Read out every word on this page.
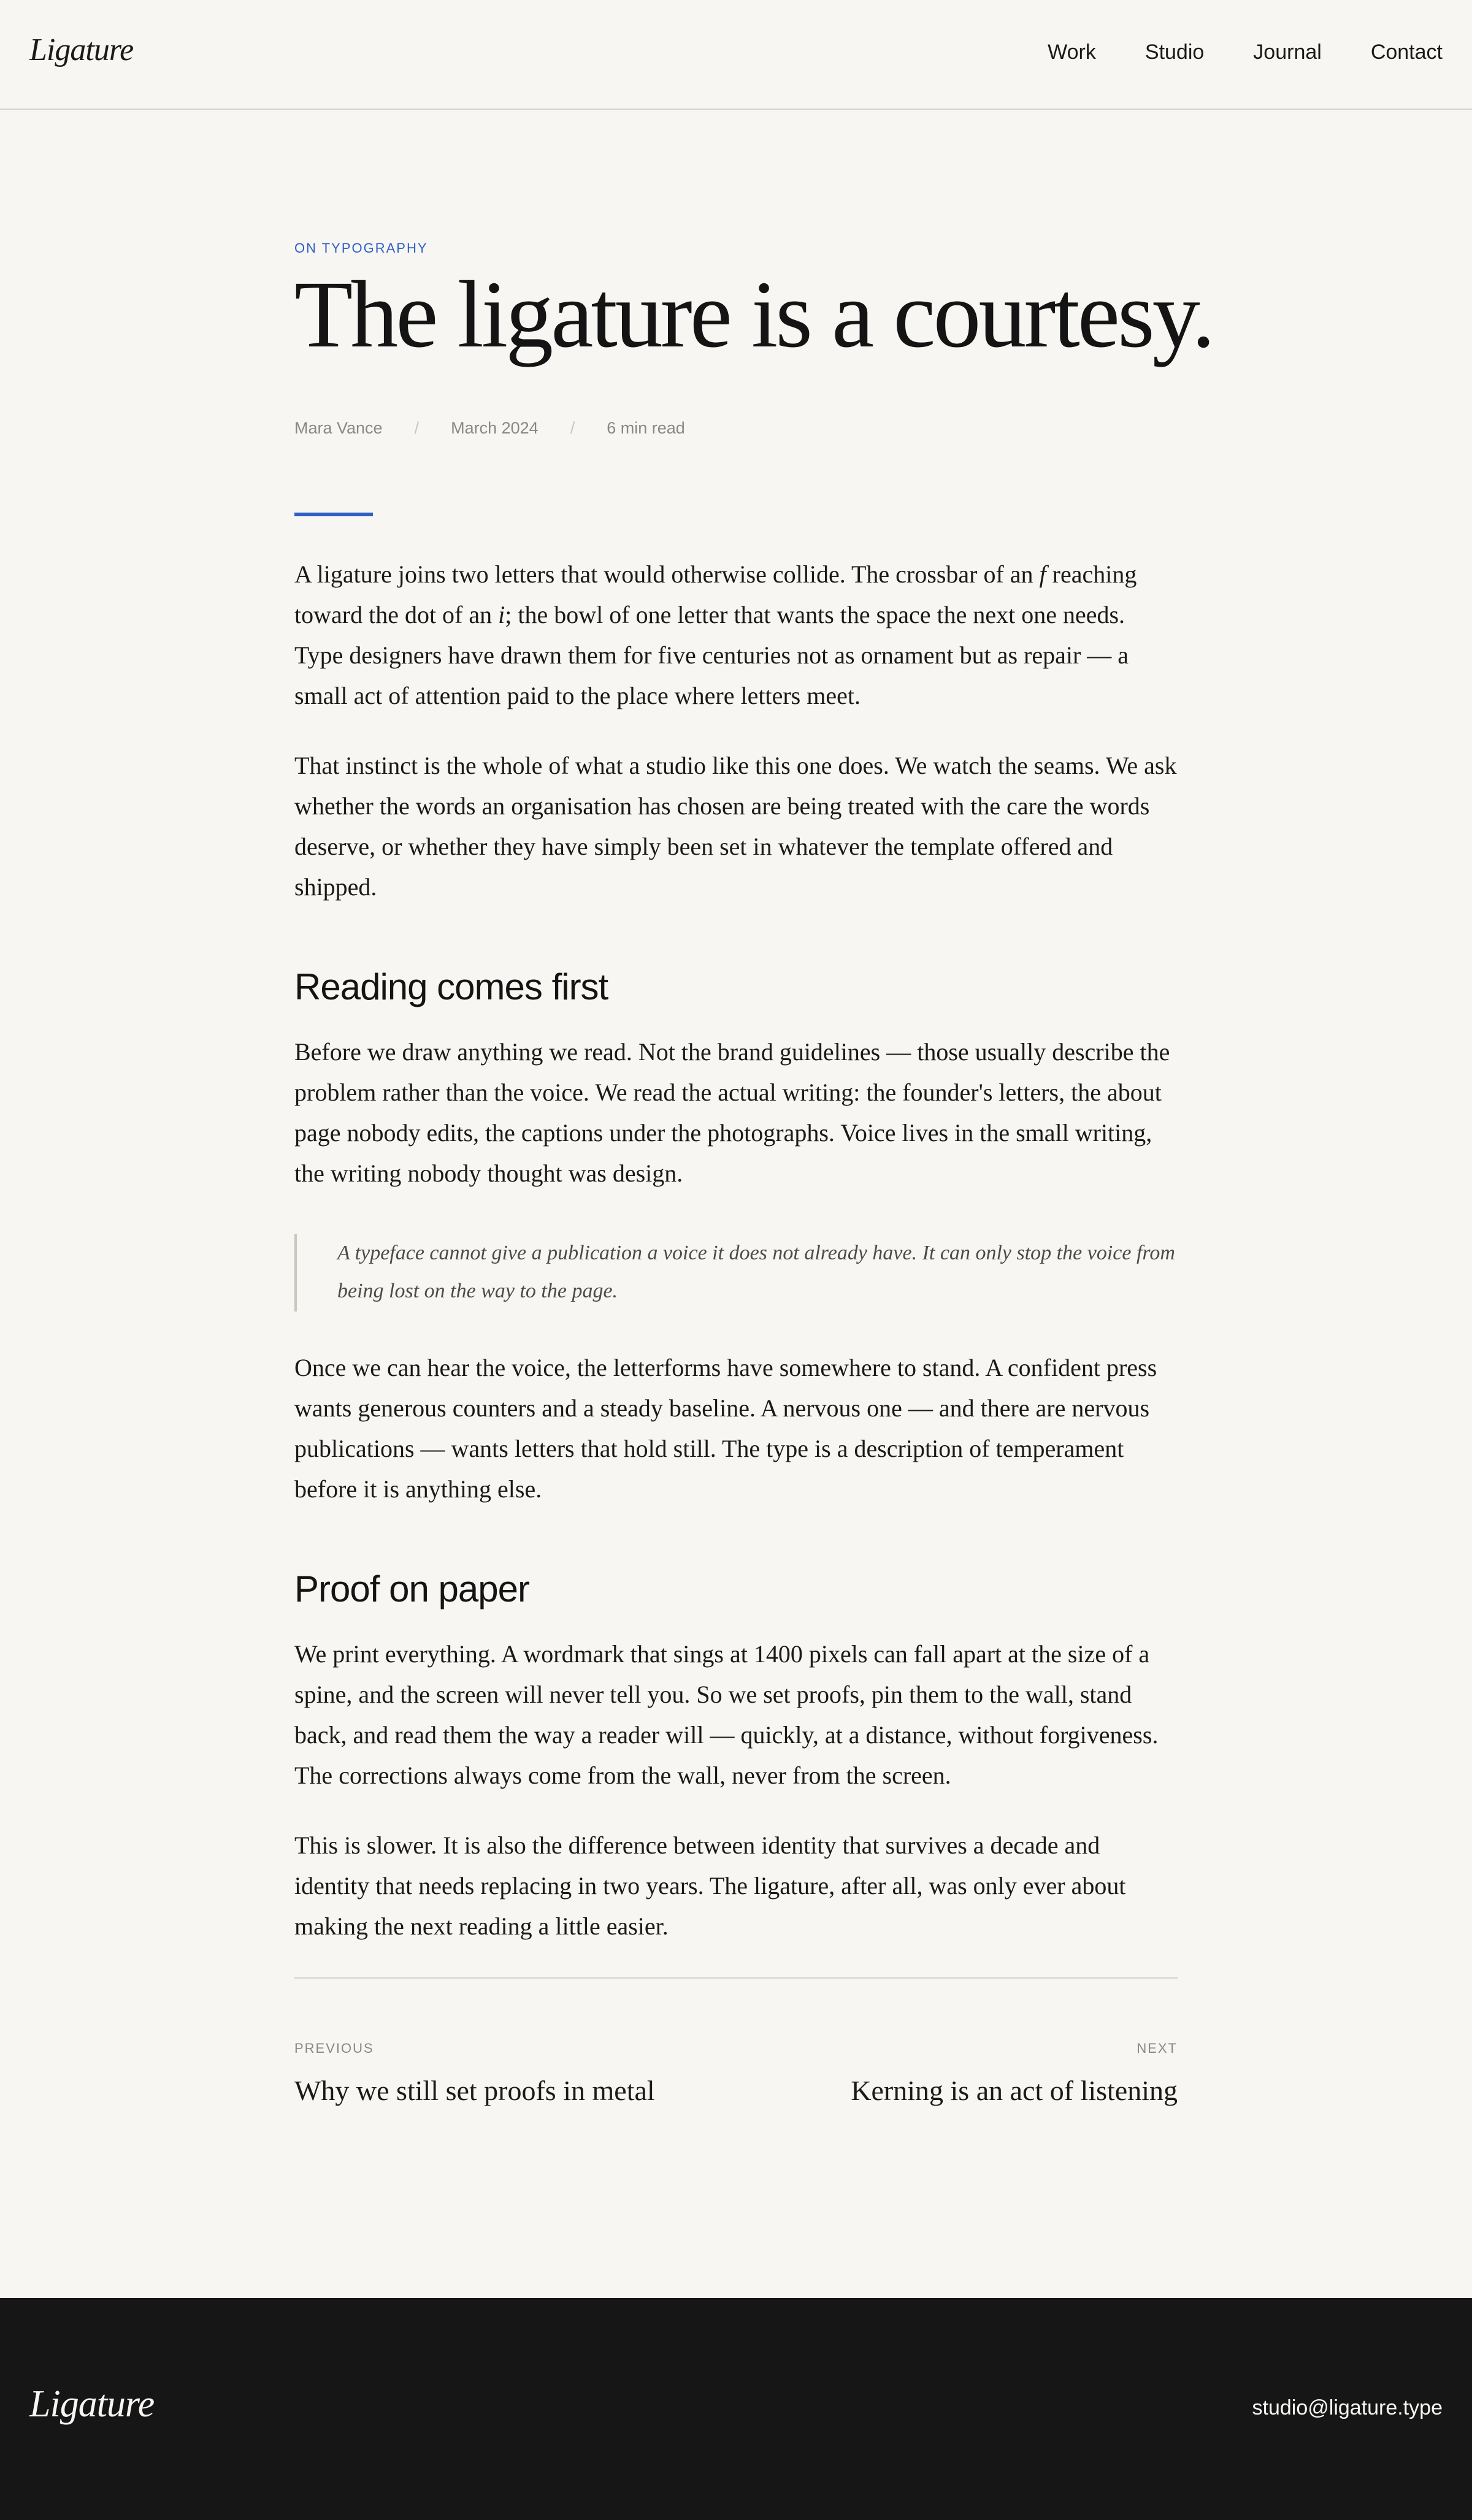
Ligature	Work Studio Journal Contact
ON TYPOGRAPHY
The ligature is a courtesy.
Mara Vance / March 2024 / 6 min read

A ligature joins two letters that would otherwise collide. The crossbar of an f reaching toward the dot of an i; the bowl of one letter that wants the space the next one needs. Type designers have drawn them for five centuries not as ornament but as repair — a small act of attention paid to the place where letters meet.

That instinct is the whole of what a studio like this one does. We watch the seams. We ask whether the words an organisation has chosen are being treated with the care the words deserve, or whether they have simply been set in whatever the template offered and shipped.

Reading comes first

Before we draw anything we read. Not the brand guidelines — those usually describe the problem rather than the voice. We read the actual writing: the founder's letters, the about page nobody edits, the captions under the photographs. Voice lives in the small writing, the writing nobody thought was design.

A typeface cannot give a publication a voice it does not already have. It can only stop the voice from being lost on the way to the page.

Once we can hear the voice, the letterforms have somewhere to stand. A confident press wants generous counters and a steady baseline. A nervous one — and there are nervous publications — wants letters that hold still. The type is a description of temperament before it is anything else.

Proof on paper

We print everything. A wordmark that sings at 1400 pixels can fall apart at the size of a spine, and the screen will never tell you. So we set proofs, pin them to the wall, stand back, and read them the way a reader will — quickly, at a distance, without forgiveness. The corrections always come from the wall, never from the screen.

This is slower. It is also the difference between identity that survives a decade and identity that needs replacing in two years. The ligature, after all, was only ever about making the next reading a little easier.

PREVIOUS
Why we still set proofs in metal
NEXT
Kerning is an act of listening
Ligature	studio@ligature.type
